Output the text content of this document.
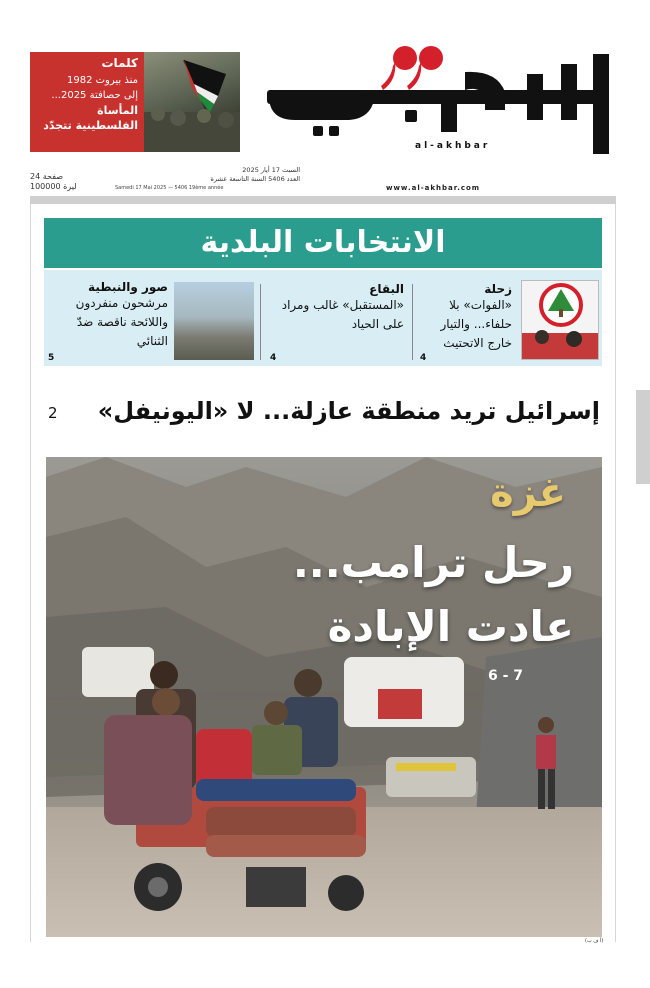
al-akhbar
www.al-akhbar.com
كلمات
منذ بيروت 1982
إلى حصافتة 2025...
المأساة
الفلسطينية تتجدّد
السبت 17 أيار 2025
العدد 5406 السنة التاسعة عشرة
Samedi 17 Mai 2025 — 5406 19ème année
24 صفحة
100000 ليرة
الانتخابات البلدية
زحلة
«الفوات» بلا حلفاء... والتيار خارج الاتحتيث
4
البقاع
«المستقبل» غالب ومراد على الحياد
4
صور والنبطية
مرشحون منفردون واللائحة ناقصة ضدّ الثنائي
5
إسرائيل تريد منطقة عازلة... لا «اليونيفل»
2
غزة
رحل ترامب...
عادت الإبادة
6 - 7
(أ ف ب)
